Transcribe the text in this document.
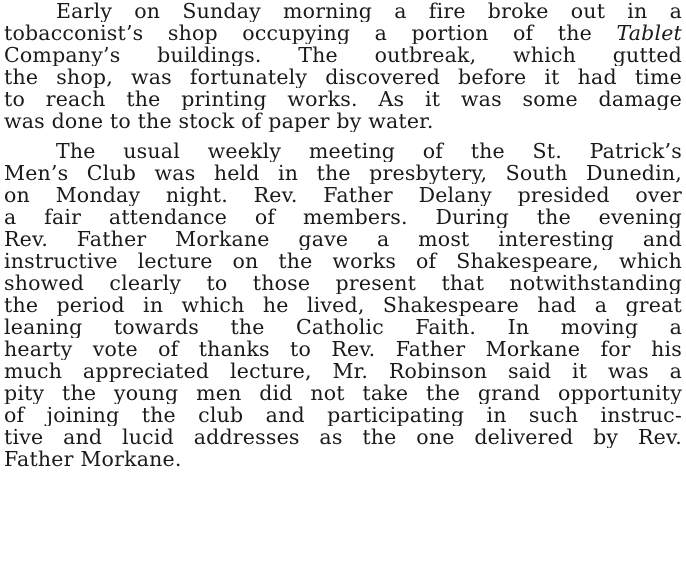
Early on Sunday morning a fire broke out in a
tobacconist’s shop occupying a portion of the Tablet
Company’s buildings. The outbreak, which gutted
the shop, was fortunately discovered before it had time
to reach the printing works. As it was some damage
was done to the stock of paper by water.
The usual weekly meeting of the St. Patrick’s
Men’s Club was held in the presbytery, South Dunedin,
on Monday night. Rev. Father Delany presided over
a fair attendance of members. During the evening
Rev. Father Morkane gave a most interesting and
instructive lecture on the works of Shakespeare, which
showed clearly to those present that notwithstanding
the period in which he lived, Shakespeare had a great
leaning towards the Catholic Faith. In moving a
hearty vote of thanks to Rev. Father Morkane for his
much appreciated lecture, Mr. Robinson said it was a
pity the young men did not take the grand opportunity
of joining the club and participating in such instruc-
tive and lucid addresses as the one delivered by Rev.
Father Morkane.
